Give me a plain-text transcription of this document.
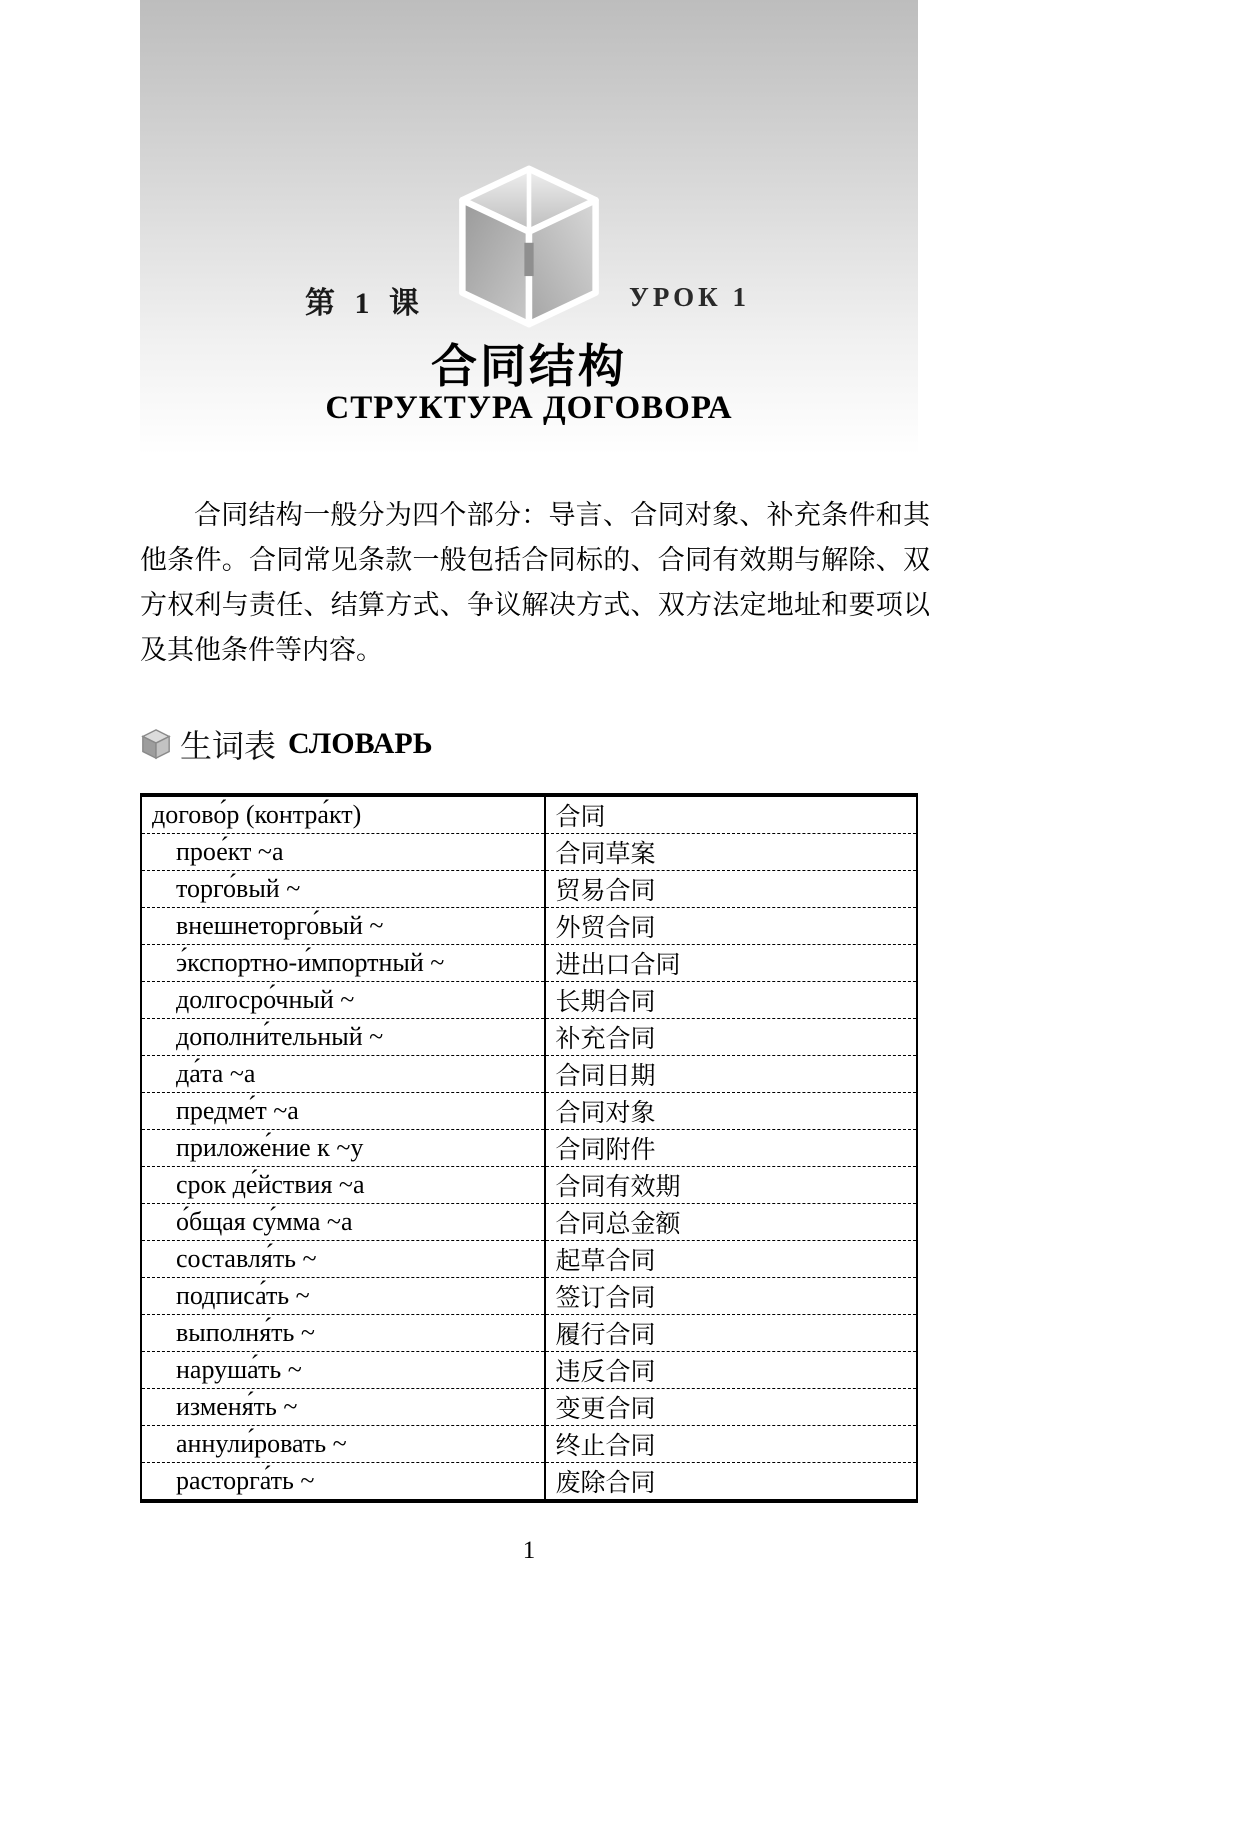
第 1 课	УРОК 1
合同结构
СТРУКТУРА ДОГОВОРА

合同结构一般分为四个部分：导言、合同对象、补充条件和其他条件。合同常见条款一般包括合同标的、合同有效期与解除、双方权利与责任、结算方式、争议解决方式、双方法定地址和要项以及其他条件等内容。

生词表 СЛОВАРЬ
догово́р (контра́кт)	合同
прое́кт ~а	合同草案
торго́вый ~	贸易合同
внешнеторго́вый ~	外贸合同
э́кспортно-и́мпортный ~	进出口合同
долгосро́чный ~	长期合同
дополни́тельный ~	补充合同
да́та ~а	合同日期
предме́т ~а	合同对象
приложе́ние к ~у	合同附件
срок де́йствия ~а	合同有效期
о́бщая су́мма ~а	合同总金额
составля́ть ~	起草合同
подписа́ть ~	签订合同
выполня́ть ~	履行合同
наруша́ть ~	违反合同
изменя́ть ~	变更合同
аннули́ровать ~	终止合同
расторга́ть ~	废除合同
1
